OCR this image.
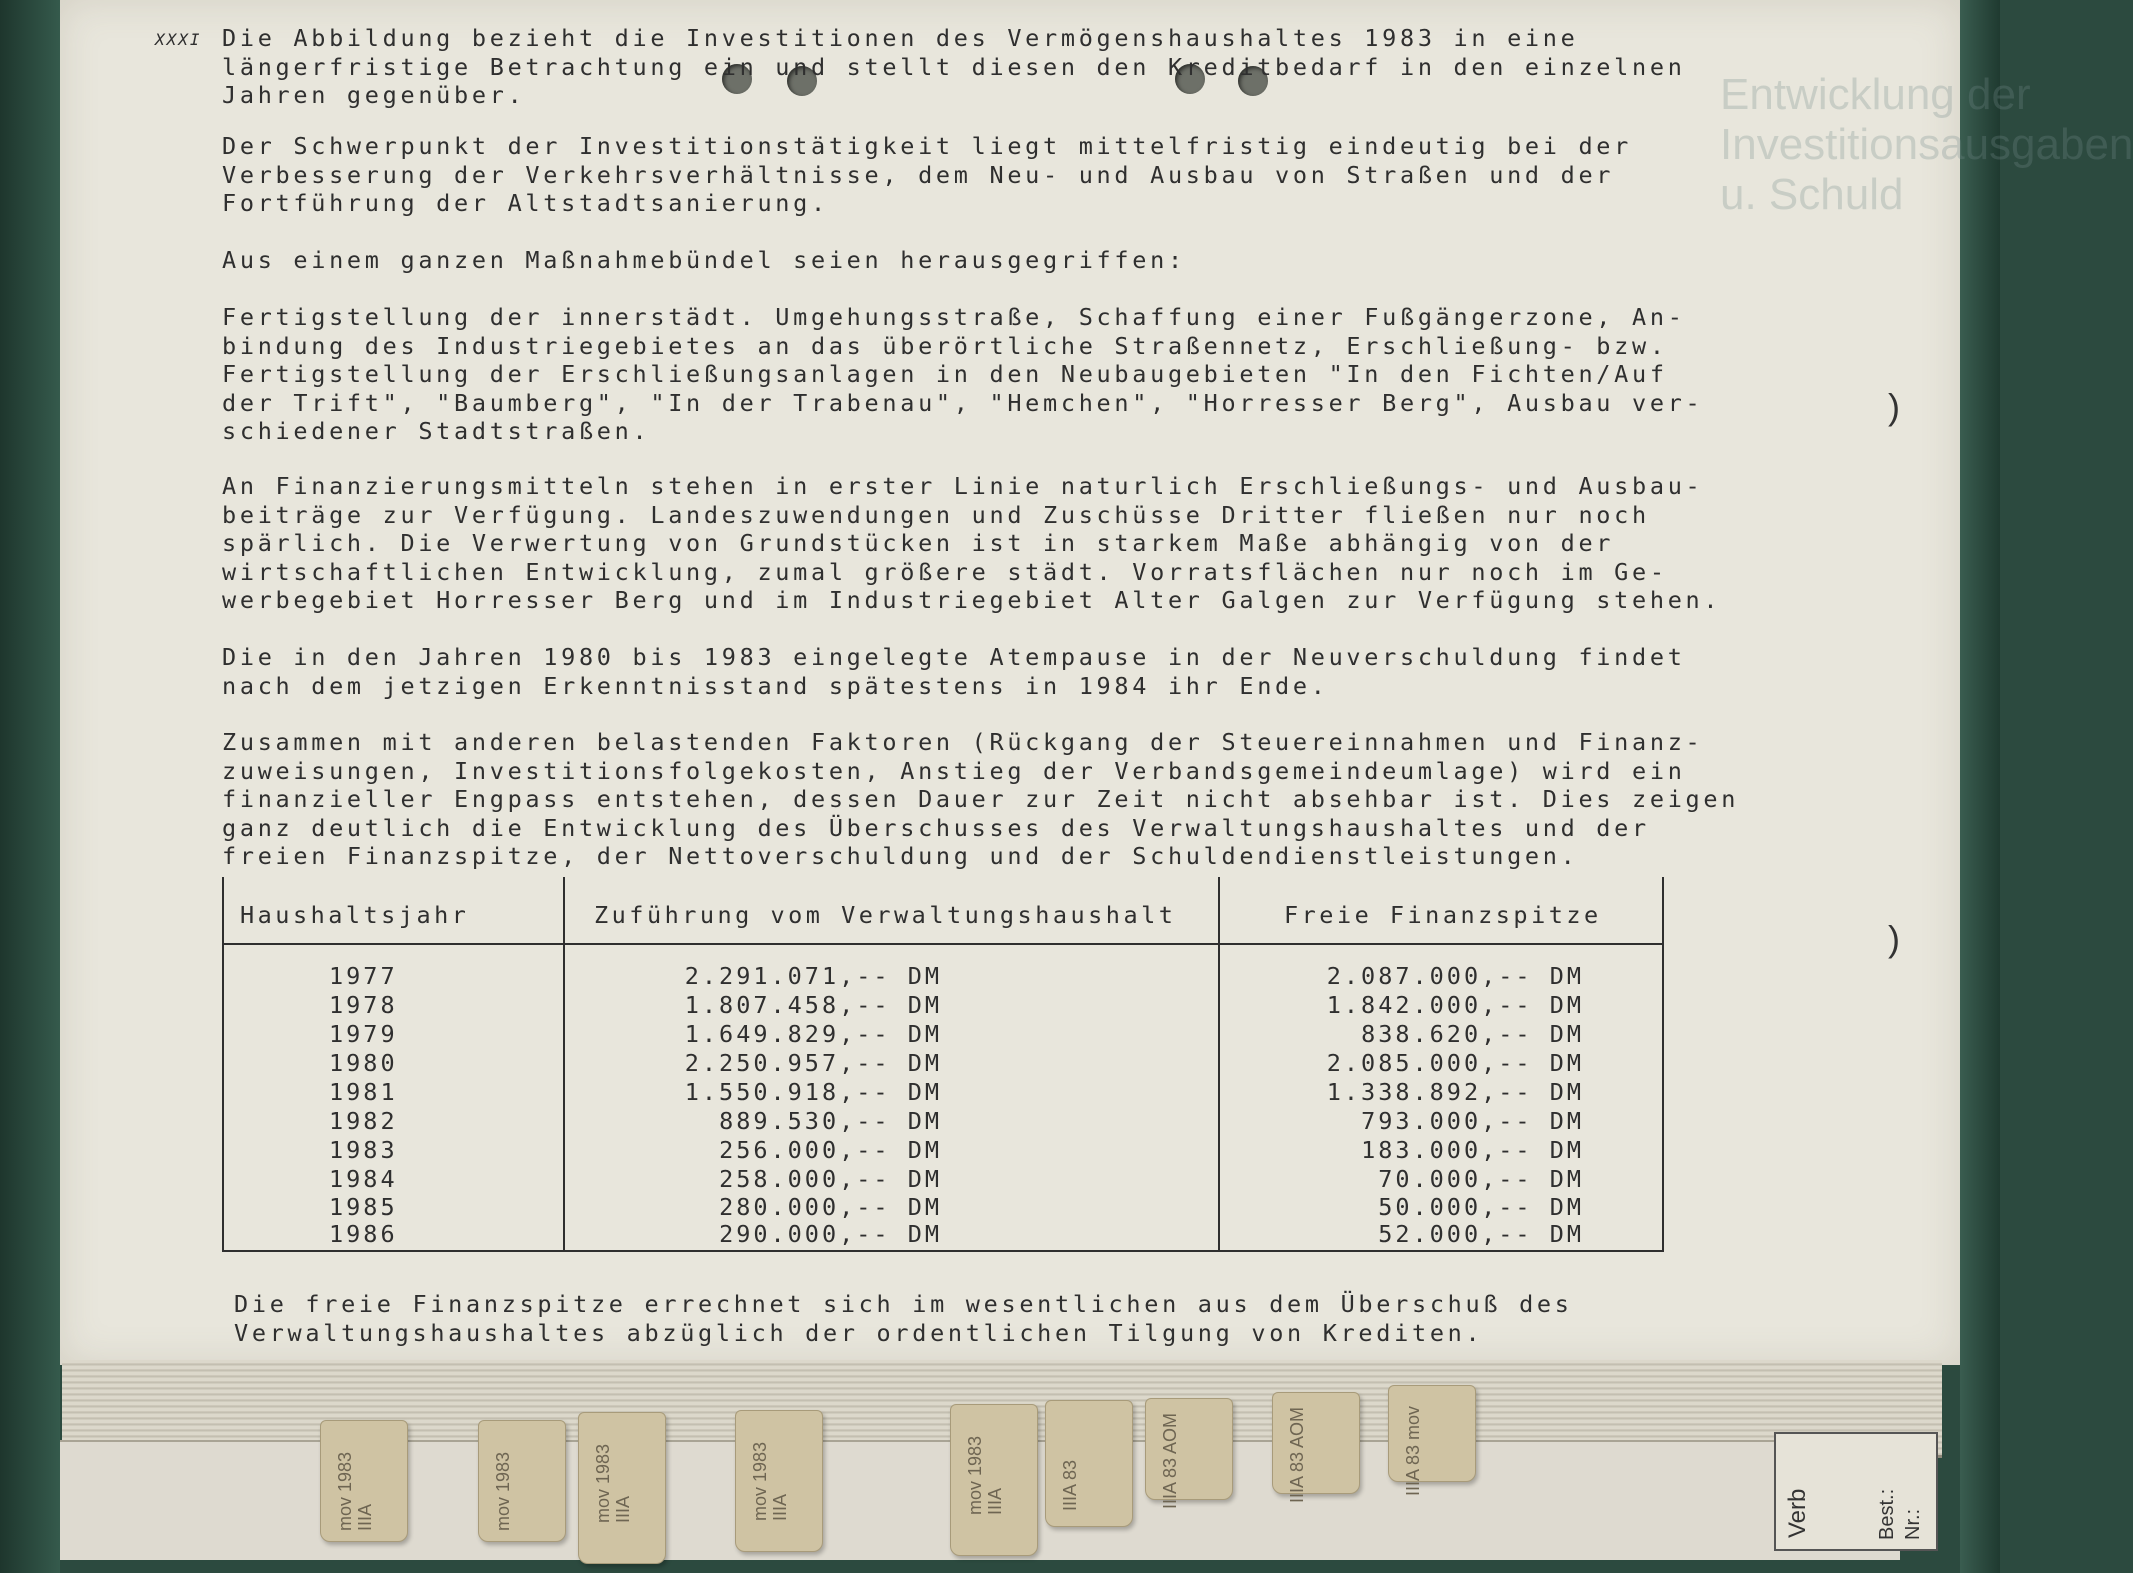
Entwicklung der Investitionsausgaben u. Schuld
XXXI Die Abbildung bezieht die Investitionen des Vermögenshaushaltes 1983 in eine
längerfristige Betrachtung ein und stellt diesen den Kreditbedarf in den einzelnen
Jahren gegenüber.

Der Schwerpunkt der Investitionstätigkeit liegt mittelfristig eindeutig bei der
Verbesserung der Verkehrsverhältnisse, dem Neu- und Ausbau von Straßen und der
Fortführung der Altstadtsanierung.

Aus einem ganzen Maßnahmebündel seien herausgegriffen:

Fertigstellung der innerstädt. Umgehungsstraße, Schaffung einer Fußgängerzone, An-
bindung des Industriegebietes an das überörtliche Straßennetz, Erschließung- bzw.
Fertigstellung der Erschließungsanlagen in den Neubaugebieten "In den Fichten/Auf
der Trift", "Baumberg", "In der Trabenau", "Hemchen", "Horresser Berg", Ausbau ver-
schiedener Stadtstraßen.

An Finanzierungsmitteln stehen in erster Linie naturlich Erschließungs- und Ausbau-
beiträge zur Verfügung. Landeszuwendungen und Zuschüsse Dritter fließen nur noch
spärlich. Die Verwertung von Grundstücken ist in starkem Maße abhängig von der
wirtschaftlichen Entwicklung, zumal größere städt. Vorratsflächen nur noch im Ge-
werbegebiet Horresser Berg und im Industriegebiet Alter Galgen zur Verfügung stehen.

Die in den Jahren 1980 bis 1983 eingelegte Atempause in der Neuverschuldung findet
nach dem jetzigen Erkenntnisstand spätestens in 1984 ihr Ende.

Zusammen mit anderen belastenden Faktoren (Rückgang der Steuereinnahmen und Finanz-
zuweisungen, Investitionsfolgekosten, Anstieg der Verbandsgemeindeumlage) wird ein
finanzieller Engpass entstehen, dessen Dauer zur Zeit nicht absehbar ist. Dies zeigen
ganz deutlich die Entwicklung des Überschusses des Verwaltungshaushaltes und der
freien Finanzspitze, der Nettoverschuldung und der Schuldendienstleistungen.

Haushaltsjahr	Zuführung vom Verwaltungshaushalt	Freie Finanzspitze
1977	2.291.071,-- DM	2.087.000,-- DM
1978	1.807.458,-- DM	1.842.000,-- DM
1979	1.649.829,-- DM	838.620,-- DM
1980	2.250.957,-- DM	2.085.000,-- DM
1981	1.550.918,-- DM	1.338.892,-- DM
1982	889.530,-- DM	793.000,-- DM
1983	256.000,-- DM	183.000,-- DM
1984	258.000,-- DM	70.000,-- DM
1985	280.000,-- DM	50.000,-- DM
1986	290.000,-- DM	52.000,-- DM

Die freie Finanzspitze errechnet sich im wesentlichen aus dem Überschuß des
Verwaltungshaushaltes abzüglich der ordentlichen Tilgung von Krediten.

)
)
mov 1983 IIIA	mov 1983	mov 1983 IIIA	mov 1983 IIIA	mov 1983 IIIA	IIIA 83	IIIA 83 AOM	IIIA 83 AOM	IIIA 83 mov
Verb	Best.: Nr.:
